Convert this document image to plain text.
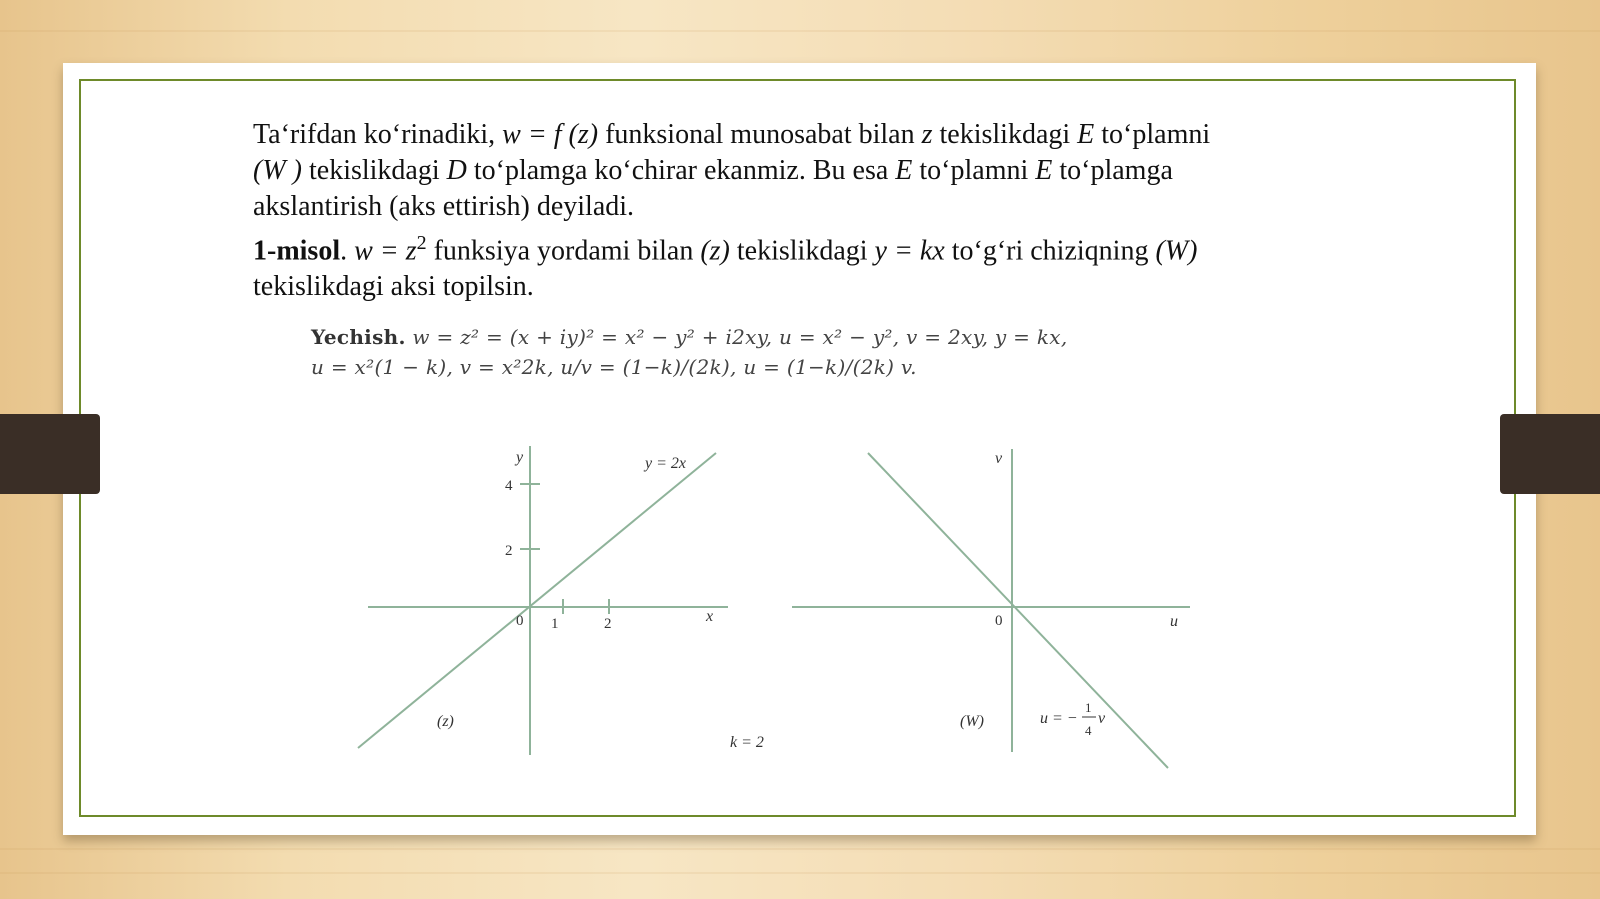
Ta‘rifdan ko‘rinadiki, w = f (z) funksional munosabat bilan z tekislikdagi E to‘plamni
(W ) tekislikdagi D to‘plamga ko‘chirar ekanmiz. Bu esa E to‘plamni E to‘plamga
akslantirish (aks ettirish) deyiladi.

1-misol. $w = z^2$ funksiya yordami bilan (z) tekislikdagi y = kx to‘g‘ri chiziqning (W)
tekislikdagi aksi topilsin.

Yechish. w = z² = (x + iy)² = x² − y² + i2xy, u = x² − y², v = 2xy, y = kx,
u = x²(1 − k), v = x²2k, u/v = (1−k)/(2k), u = (1−k)/(2k) v.
y
x
y = 2x
(z)
k = 2
v
u
(W)	u = −
1
4
v
4
2
0 1	2	0
